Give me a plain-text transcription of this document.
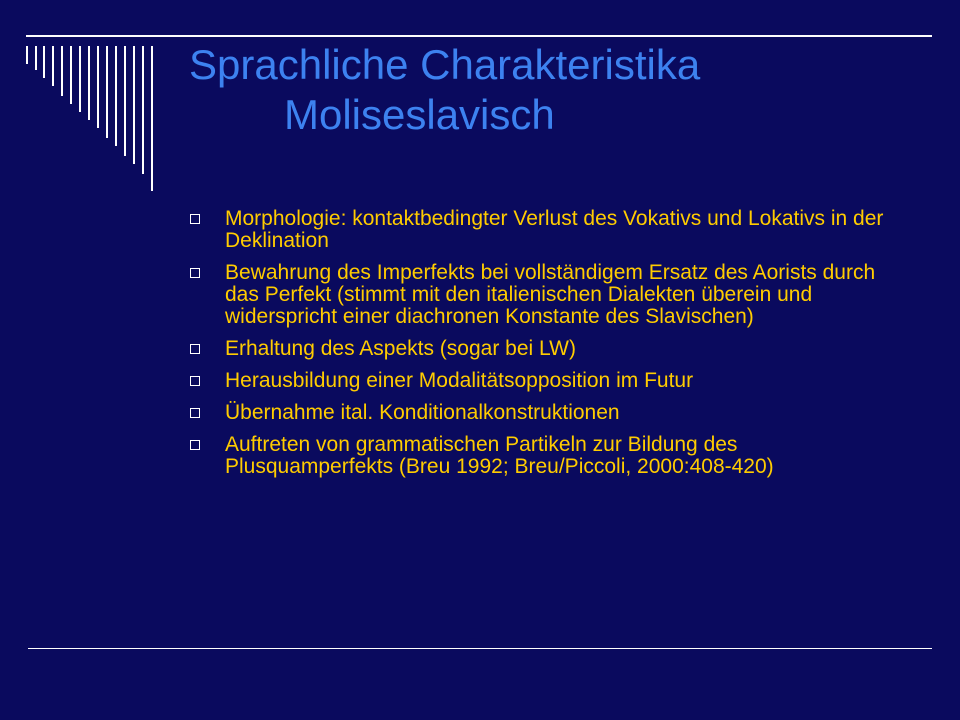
Sprachliche Charakteristika
Moliseslavisch
Morphologie: kontaktbedingter Verlust des Vokativs und Lokativs in der Deklination
Bewahrung des Imperfekts bei vollständigem Ersatz des Aorists durch das Perfekt (stimmt mit den italienischen Dialekten überein und widerspricht einer diachronen Konstante des Slavischen)
Erhaltung des Aspekts (sogar bei LW)
Herausbildung einer Modalitätsopposition im Futur
Übernahme ital. Konditionalkonstruktionen
Auftreten von grammatischen Partikeln zur Bildung des Plusquamperfekts (Breu 1992; Breu/Piccoli, 2000:408-420)
